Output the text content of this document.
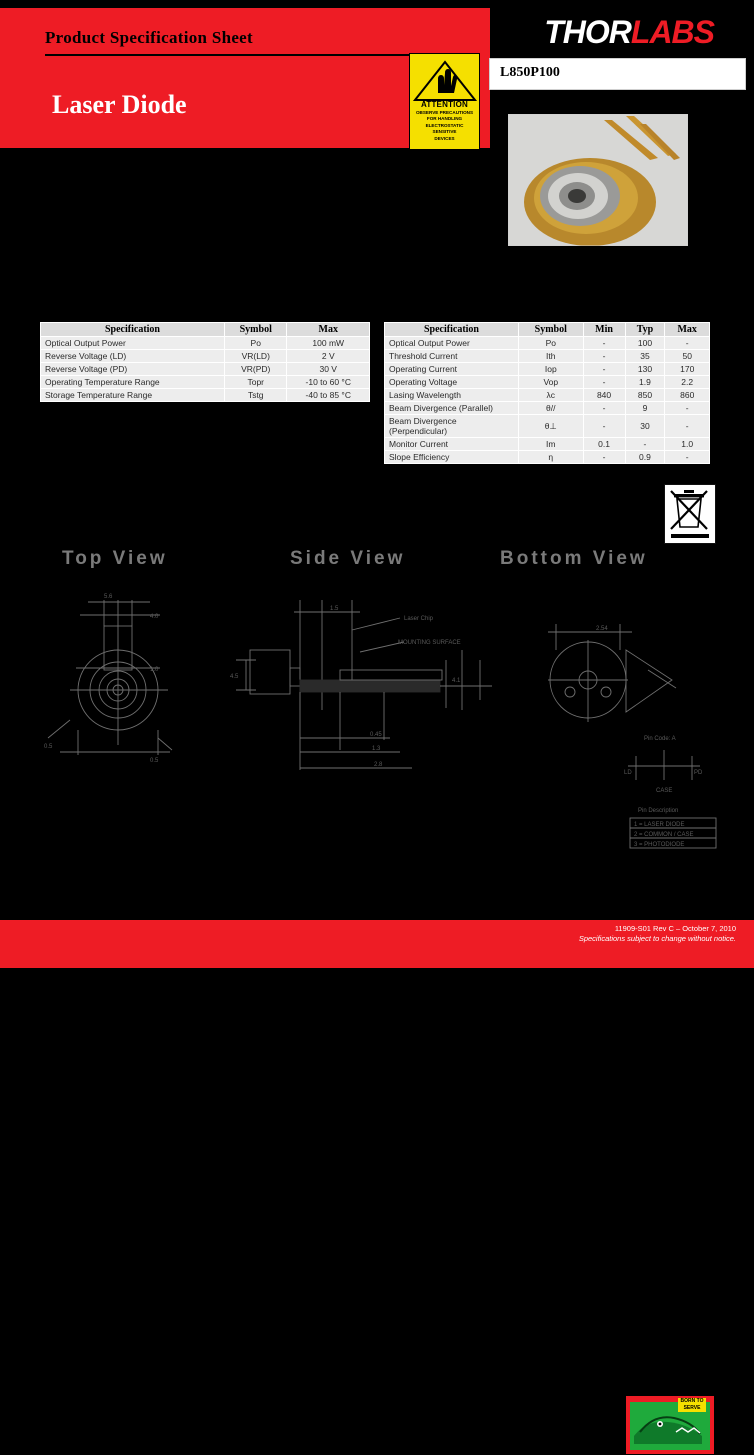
Product Specification Sheet
Laser Diode
THORLABS
L850P100
ATTENTION
OBSERVE PRECAUTIONS
FOR HANDLING
ELECTROSTATIC
SENSITIVE
DEVICES
Specification	Symbol	Max
Optical Output Power	Po	100 mW
Reverse Voltage (LD)	VR(LD)	2 V
Reverse Voltage (PD)	VR(PD)	30 V
Operating Temperature Range	Topr	-10 to 60 °C
Storage Temperature Range	Tstg	-40 to 85 °C
Specification	Symbol	Min	Typ	Max
Optical Output Power	Po	-	100	-
Threshold Current	Ith	-	35	50
Operating Current	Iop	-	130	170
Operating Voltage	Vop	-	1.9	2.2
Lasing Wavelength	λc	840	850	860
Beam Divergence (Parallel)	θ//	-	9	-
Beam Divergence (Perpendicular)	θ⊥	-	30	-
Monitor Current	Im	0.1	-	1.0
Slope Efficiency	η	-	0.9	-
Top View	Side View	Bottom View
5.6
4.0
1.0
0.5
0.5
1.5
Laser Chip
MOUNTING SURFACE
4.1
0.45
1.3
2.8
4.5
2.54
Pin Code: A
LD	PD
CASE
Pin Description
1 = LASER DIODE
2 = COMMON / CASE
3 = PHOTODIODE
BORN TO SERVE
11909-S01 Rev C – October 7, 2010
Specifications subject to change without notice.
